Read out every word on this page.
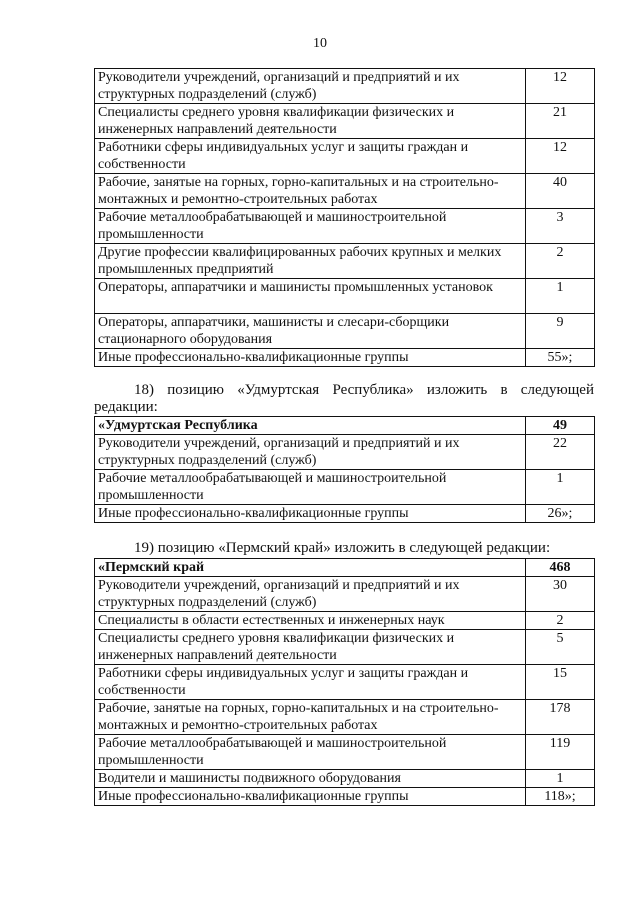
10
Руководители учреждений, организаций и предприятий и их структурных подразделений (служб)	12
Специалисты среднего уровня квалификации физических и инженерных направлений деятельности	21
Работники сферы индивидуальных услуг и защиты граждан и собственности	12
Рабочие, занятые на горных, горно-капитальных и на строительно-монтажных и ремонтно-строительных работах	40
Рабочие металлообрабатывающей и машиностроительной промышленности	3
Другие профессии квалифицированных рабочих крупных и мелких промышленных предприятий	2
Операторы, аппаратчики и машинисты промышленных установок	1
Операторы, аппаратчики, машинисты и слесари-сборщики стационарного оборудования	9
Иные профессионально-квалификационные группы	55»;
18) позицию «Удмуртская Республика» изложить в следующей
редакции:
«Удмуртская Республика	49
Руководители учреждений, организаций и предприятий и их структурных подразделений (служб)	22
Рабочие металлообрабатывающей и машиностроительной промышленности	1
Иные профессионально-квалификационные группы	26»;
19) позицию «Пермский край» изложить в следующей редакции:
«Пермский край	468
Руководители учреждений, организаций и предприятий и их структурных подразделений (служб)	30
Специалисты в области естественных и инженерных наук	2
Специалисты среднего уровня квалификации физических и инженерных направлений деятельности	5
Работники сферы индивидуальных услуг и защиты граждан и собственности	15
Рабочие, занятые на горных, горно-капитальных и на строительно-монтажных и ремонтно-строительных работах	178
Рабочие металлообрабатывающей и машиностроительной промышленности	119
Водители и машинисты подвижного оборудования	1
Иные профессионально-квалификационные группы	118»;
